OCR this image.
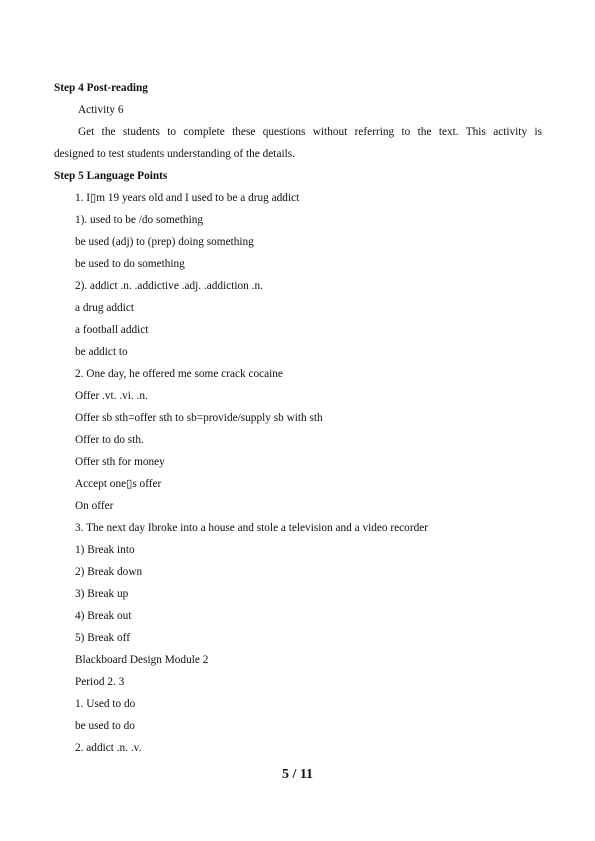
Step 4 Post-reading
Activity 6
Get the students to complete these questions without referring to the text. This activity is
designed to test students understanding of the details.
Step 5 Language Points
1. I▯m 19 years old and I used to be a drug addict
1). used to be /do something
be used (adj) to (prep) doing something
be used to do something
2). addict .n. .addictive .adj. .addiction .n.
a drug addict
a football addict
be addict to
2. One day, he offered me some crack cocaine
Offer .vt. .vi. .n.
Offer sb sth=offer sth to sb=provide/supply sb with sth
Offer to do sth.
Offer sth for money
Accept one▯s offer
On offer
3. The next day Ibroke into a house and stole a television and a video recorder
1) Break into
2) Break down
3) Break up
4) Break out
5) Break off
Blackboard Design Module 2
Period 2. 3
1. Used to do
be used to do
2. addict .n. .v.
5 / 11
